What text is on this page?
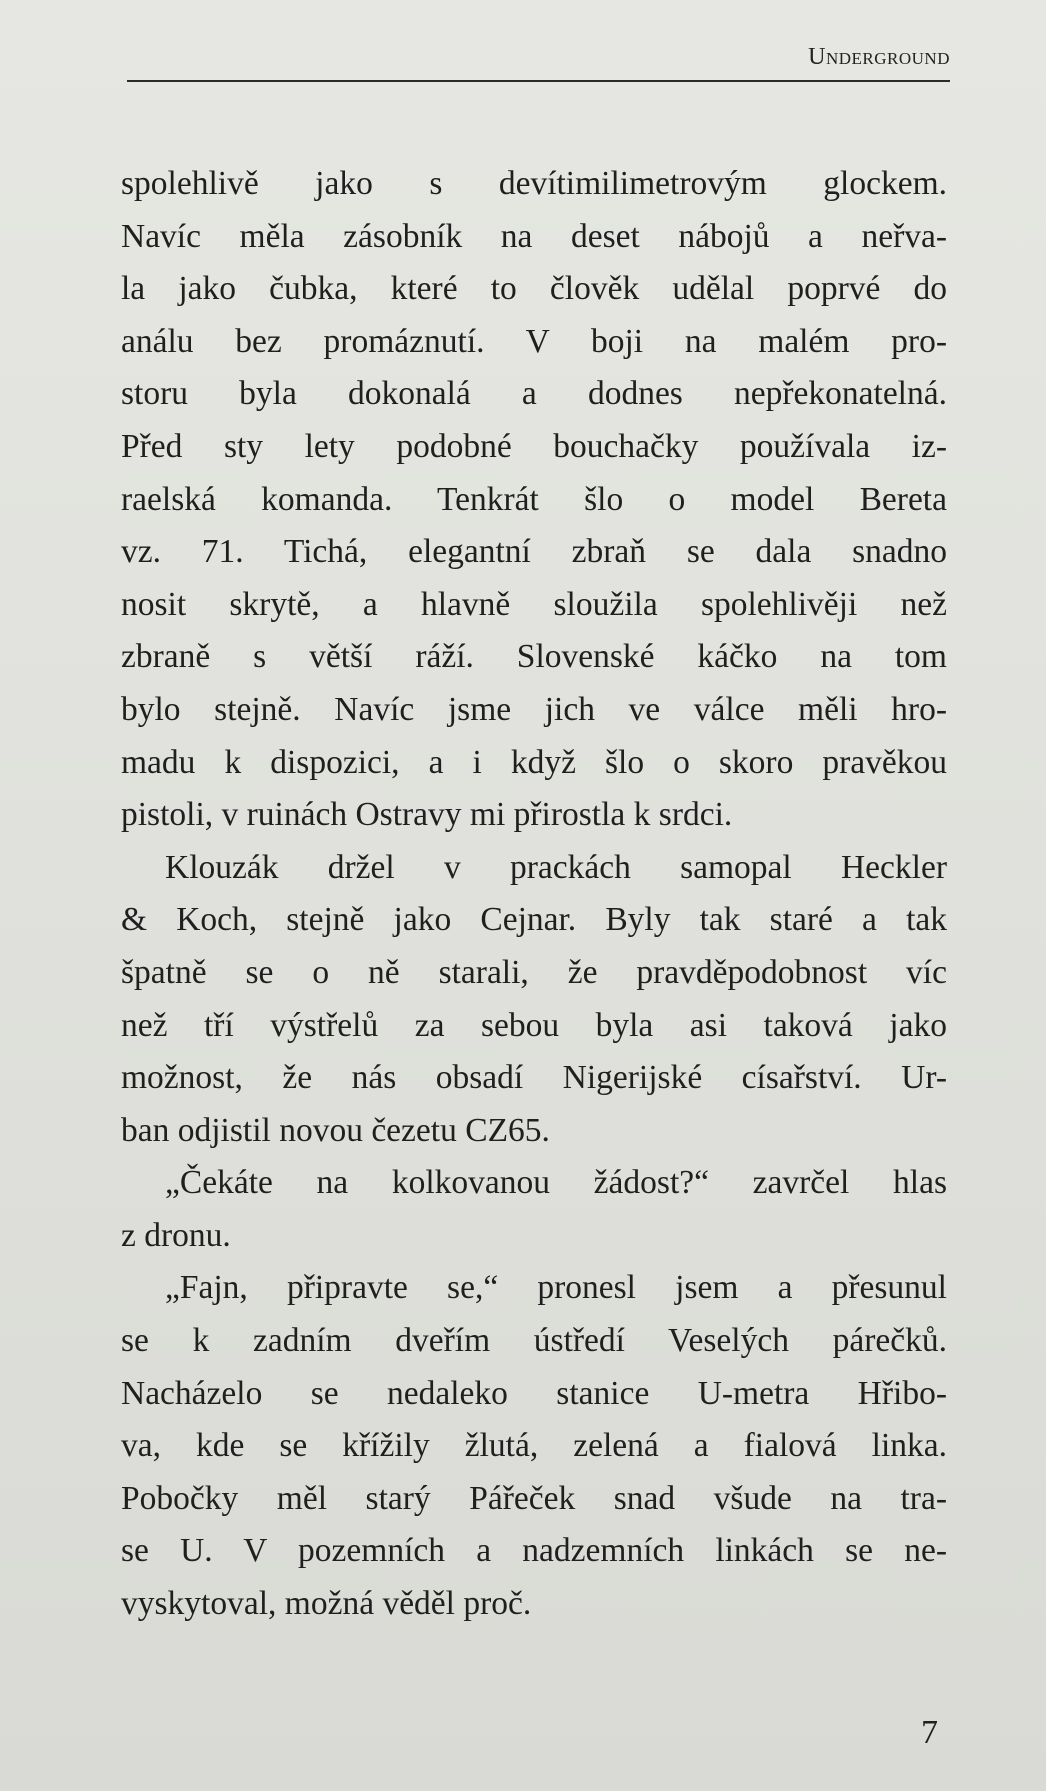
Underground
spolehlivě jako s devítimilimetrovým glockem.
Navíc měla zásobník na deset nábojů a neřva-
la jako čubka, které to člověk udělal poprvé do
análu bez promáznutí. V boji na malém pro-
storu byla dokonalá a dodnes nepřekonatelná.
Před sty lety podobné bouchačky používala iz-
raelská komanda. Tenkrát šlo o model Bereta
vz. 71. Tichá, elegantní zbraň se dala snadno
nosit skrytě, a hlavně sloužila spolehlivěji než
zbraně s větší ráží. Slovenské káčko na tom
bylo stejně. Navíc jsme jich ve válce měli hro-
madu k dispozici, a i když šlo o skoro pravěkou
pistoli, v ruinách Ostravy mi přirostla k srdci.
Klouzák držel v prackách samopal Heckler
& Koch, stejně jako Cejnar. Byly tak staré a tak
špatně se o ně starali, že pravděpodobnost víc
než tří výstřelů za sebou byla asi taková jako
možnost, že nás obsadí Nigerijské císařství. Ur-
ban odjistil novou čezetu CZ65.
„Čekáte na kolkovanou žádost?“ zavrčel hlas
z dronu.
„Fajn, připravte se,“ pronesl jsem a přesunul
se k zadním dveřím ústředí Veselých párečků.
Nacházelo se nedaleko stanice U-metra Hřibo-
va, kde se křížily žlutá, zelená a fialová linka.
Pobočky měl starý Pářeček snad všude na tra-
se U. V pozemních a nadzemních linkách se ne-
vyskytoval, možná věděl proč.
7
